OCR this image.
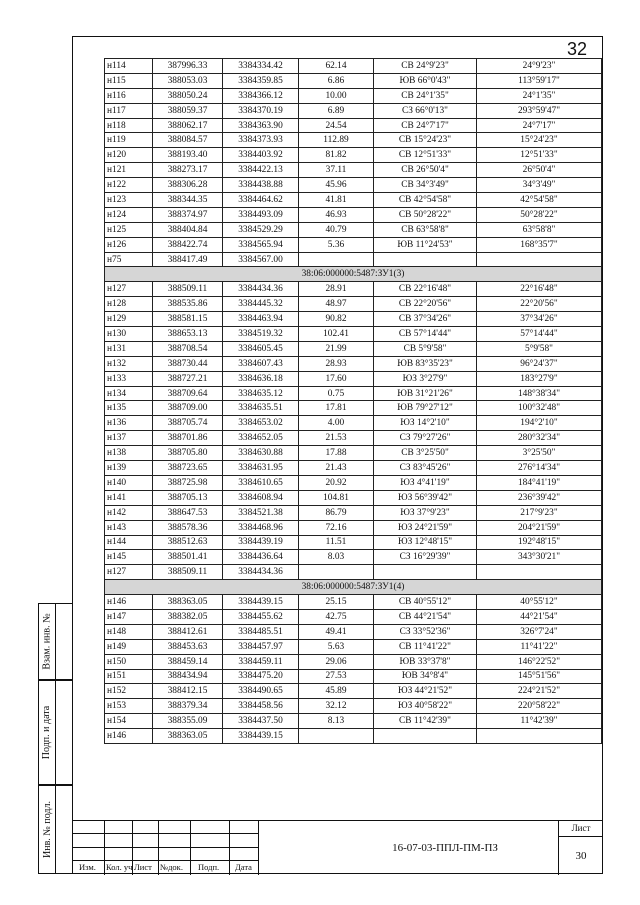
32
н114	387996.33	3384334.42	62.14	СВ 24°9'23"	24°9'23"
н115	388053.03	3384359.85	6.86	ЮВ 66°0'43"	113°59'17"
н116	388050.24	3384366.12	10.00	СВ 24°1'35"	24°1'35"
н117	388059.37	3384370.19	6.89	СЗ 66°0'13"	293°59'47"
н118	388062.17	3384363.90	24.54	СВ 24°7'17"	24°7'17"
н119	388084.57	3384373.93	112.89	СВ 15°24'23"	15°24'23"
н120	388193.40	3384403.92	81.82	СВ 12°51'33"	12°51'33"
н121	388273.17	3384422.13	37.11	СВ 26°50'4"	26°50'4"
н122	388306.28	3384438.88	45.96	СВ 34°3'49"	34°3'49"
н123	388344.35	3384464.62	41.81	СВ 42°54'58"	42°54'58"
н124	388374.97	3384493.09	46.93	СВ 50°28'22"	50°28'22"
н125	388404.84	3384529.29	40.79	СВ 63°58'8"	63°58'8"
н126	388422.74	3384565.94	5.36	ЮВ 11°24'53"	168°35'7"
н75	388417.49	3384567.00			
38:06:000000:5487:ЗУ1(3)					
н127	388509.11	3384434.36	28.91	СВ 22°16'48"	22°16'48"
н128	388535.86	3384445.32	48.97	СВ 22°20'56"	22°20'56"
н129	388581.15	3384463.94	90.82	СВ 37°34'26"	37°34'26"
н130	388653.13	3384519.32	102.41	СВ 57°14'44"	57°14'44"
н131	388708.54	3384605.45	21.99	СВ 5°9'58"	5°9'58"
н132	388730.44	3384607.43	28.93	ЮВ 83°35'23"	96°24'37"
н133	388727.21	3384636.18	17.60	ЮЗ 3°27'9"	183°27'9"
н134	388709.64	3384635.12	0.75	ЮВ 31°21'26"	148°38'34"
н135	388709.00	3384635.51	17.81	ЮВ 79°27'12"	100°32'48"
н136	388705.74	3384653.02	4.00	ЮЗ 14°2'10"	194°2'10"
н137	388701.86	3384652.05	21.53	СЗ 79°27'26"	280°32'34"
н138	388705.80	3384630.88	17.88	СВ 3°25'50"	3°25'50"
н139	388723.65	3384631.95	21.43	СЗ 83°45'26"	276°14'34"
н140	388725.98	3384610.65	20.92	ЮЗ 4°41'19"	184°41'19"
н141	388705.13	3384608.94	104.81	ЮЗ 56°39'42"	236°39'42"
н142	388647.53	3384521.38	86.79	ЮЗ 37°9'23"	217°9'23"
н143	388578.36	3384468.96	72.16	ЮЗ 24°21'59"	204°21'59"
н144	388512.63	3384439.19	11.51	ЮЗ 12°48'15"	192°48'15"
н145	388501.41	3384436.64	8.03	СЗ 16°29'39"	343°30'21"
н127	388509.11	3384434.36			
38:06:000000:5487:ЗУ1(4)					
н146	388363.05	3384439.15	25.15	СВ 40°55'12"	40°55'12"
н147	388382.05	3384455.62	42.75	СВ 44°21'54"	44°21'54"
н148	388412.61	3384485.51	49.41	СЗ 33°52'36"	326°7'24"
н149	388453.63	3384457.97	5.63	СВ 11°41'22"	11°41'22"
н150	388459.14	3384459.11	29.06	ЮВ 33°37'8"	146°22'52"
н151	388434.94	3384475.20	27.53	ЮВ 34°8'4"	145°51'56"
н152	388412.15	3384490.65	45.89	ЮЗ 44°21'52"	224°21'52"
н153	388379.34	3384458.56	32.12	ЮЗ 40°58'22"	220°58'22"
н154	388355.09	3384437.50	8.13	СВ 11°42'39"	11°42'39"
н146	388363.05	3384439.15			
Взам. инв. №
Подп. и дата
Инв. № подл.
Изм. Кол. уч Лист №док. Подп. Дата
16-07-03-ППЛ-ПМ-ПЗ
Лист
30
